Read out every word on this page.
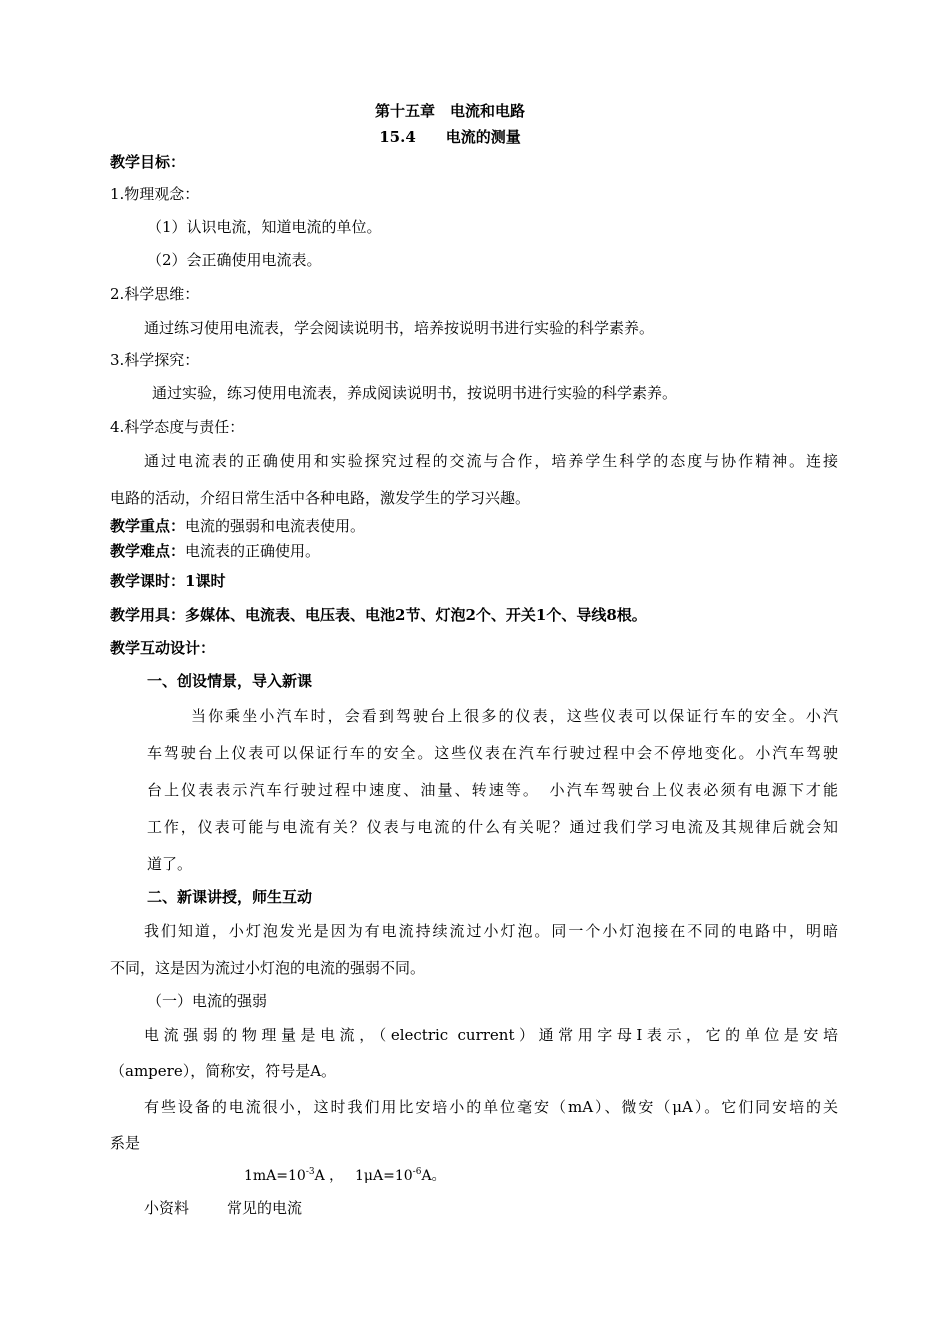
第十五章　电流和电路
15.4　　电流的测量
教学目标：
1.物理观念：
（1）认识电流，知道电流的单位。
（2）会正确使用电流表。
2.科学思维：
通过练习使用电流表，学会阅读说明书，培养按说明书进行实验的科学素养。
3.科学探究：
通过实验，练习使用电流表，养成阅读说明书，按说明书进行实验的科学素养。
4.科学态度与责任：
通过电流表的正确使用和实验探究过程的交流与合作，培养学生科学的态度与协作精神。连接
电路的活动，介绍日常生活中各种电路，激发学生的学习兴趣。
教学重点：电流的强弱和电流表使用。
教学难点：电流表的正确使用。
教学课时：1课时
教学用具：多媒体、电流表、电压表、电池2节、灯泡2个、开关1个、导线8根。
教学互动设计：
一、创设情景，导入新课
当你乘坐小汽车时，会看到驾驶台上很多的仪表，这些仪表可以保证行车的安全。小汽
车驾驶台上仪表可以保证行车的安全。这些仪表在汽车行驶过程中会不停地变化。小汽车驾驶
台上仪表表示汽车行驶过程中速度、油量、转速等。　小汽车驾驶台上仪表必须有电源下才能
工作，仪表可能与电流有关？仪表与电流的什么有关呢？通过我们学习电流及其规律后就会知
道了。
二、新课讲授，师生互动
我们知道，小灯泡发光是因为有电流持续流过小灯泡。同一个小灯泡接在不同的电路中，明暗
不同，这是因为流过小灯泡的电流的强弱不同。
（一）电流的强弱
电流强弱的物理量是电流，（electric current）通常用字母I表示，它的单位是安培
（ampere），简称安，符号是A。
有些设备的电流很小，这时我们用比安培小的单位毫安（mA）、微安（μA）。它们同安培的关
系是
$1mA=10^{-3}A$ ， $1\mu A=10^{-6}A$。
小资料	常见的电流
